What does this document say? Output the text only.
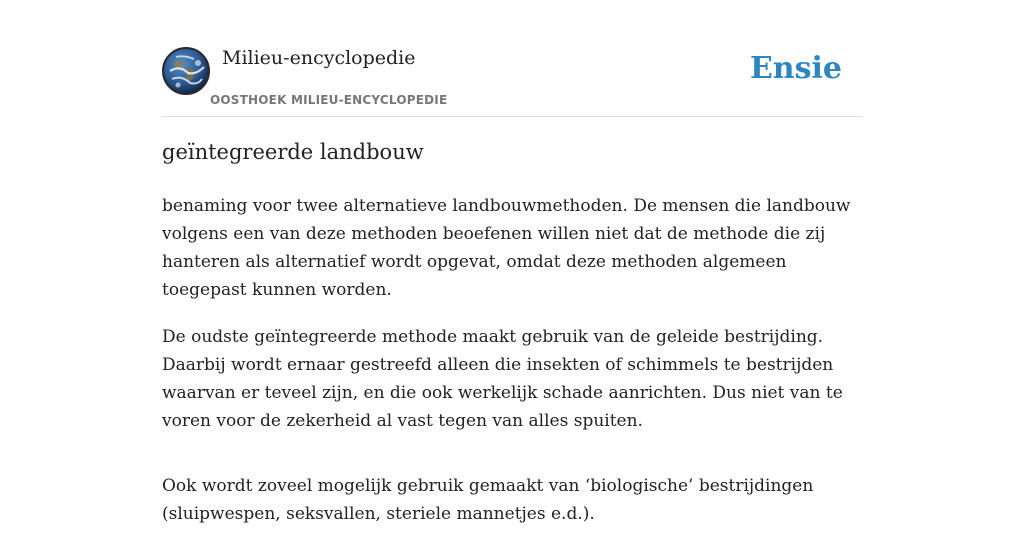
Milieu-encyclopedie
OOSTHOEK MILIEU-ENCYCLOPEDIE
Ensie
geïntegreerde landbouw

benaming voor twee alternatieve landbouwmethoden. De mensen die landbouw volgens een van deze methoden beoefenen willen niet dat de methode die zij hanteren als alternatief wordt opgevat, omdat deze methoden algemeen toegepast kunnen worden.

De oudste geïntegreerde methode maakt gebruik van de geleide bestrijding. Daarbij wordt ernaar gestreefd alleen die insekten of schimmels te bestrijden waarvan er teveel zijn, en die ook werkelijk schade aanrichten. Dus niet van te voren voor de zekerheid al vast tegen van alles spuiten.

Ook wordt zoveel mogelijk gebruik gemaakt van ‘biologische’ bestrijdingen (sluipwespen, seksvallen, steriele mannetjes e.d.).
